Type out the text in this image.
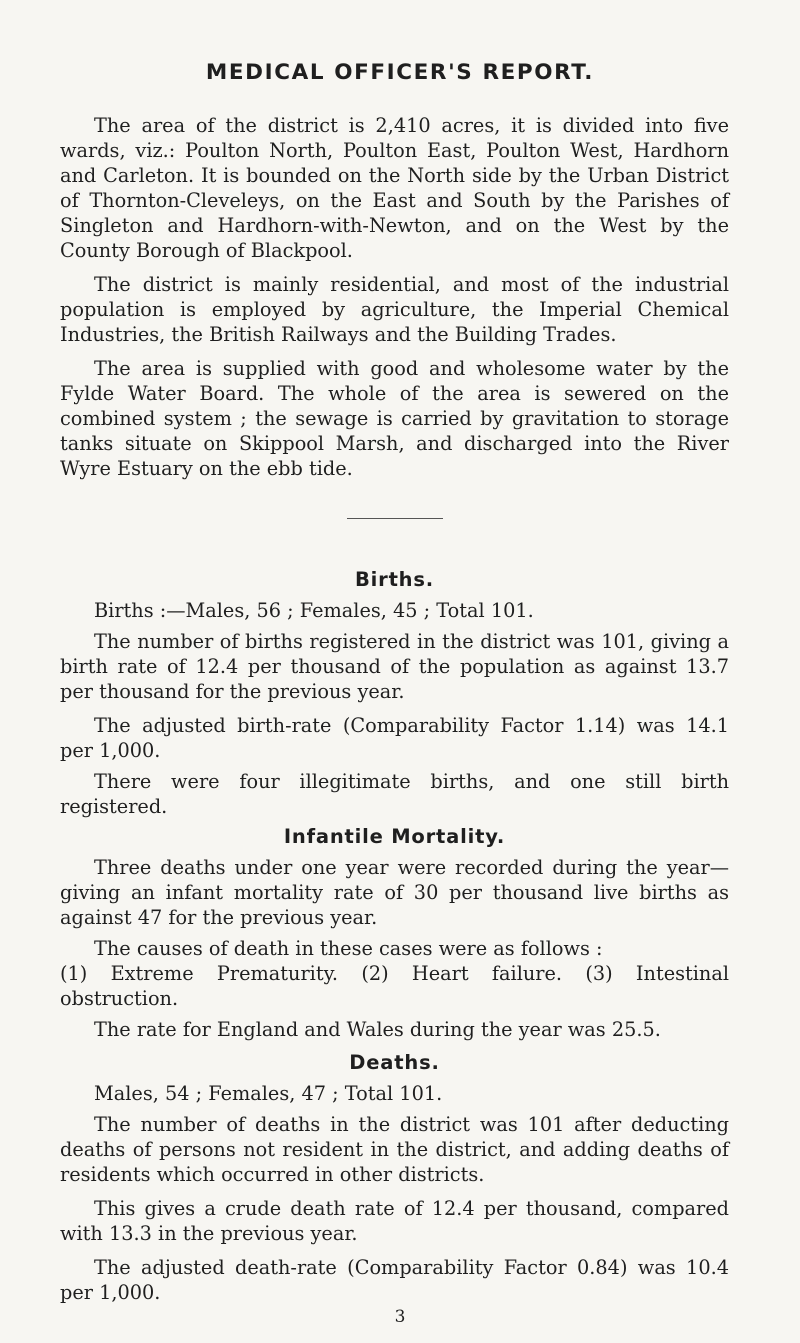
MEDICAL OFFICER'S REPORT.

The area of the district is 2,410 acres, it is divided into five wards, viz.: Poulton North, Poulton East, Poulton West, Hardhorn and Carleton. It is bounded on the North side by the Urban District of Thornton-Cleveleys, on the East and South by the Parishes of Singleton and Hardhorn-with-Newton, and on the West by the County Borough of Blackpool.

The district is mainly residential, and most of the industrial population is employed by agriculture, the Imperial Chemical Industries, the British Railways and the Building Trades.

The area is supplied with good and wholesome water by the Fylde Water Board. The whole of the area is sewered on the combined system ; the sewage is carried by gravitation to storage tanks situate on Skippool Marsh, and discharged into the River Wyre Estuary on the ebb tide.

Births.

Births :—Males, 56 ; Females, 45 ; Total 101.

The number of births registered in the district was 101, giving a birth rate of 12.4 per thousand of the population as against 13.7 per thousand for the previous year.

The adjusted birth-rate (Comparability Factor 1.14) was 14.1 per 1,000.

There were four illegitimate births, and one still birth registered.

Infantile Mortality.

Three deaths under one year were recorded during the year—giving an infant mortality rate of 30 per thousand live births as against 47 for the previous year.

The causes of death in these cases were as follows :

(1) Extreme Prematurity. (2) Heart failure. (3) Intestinal obstruction.

The rate for England and Wales during the year was 25.5.

Deaths.

Males, 54 ; Females, 47 ; Total 101.

The number of deaths in the district was 101 after deducting deaths of persons not resident in the district, and adding deaths of residents which occurred in other districts.

This gives a crude death rate of 12.4 per thousand, compared with 13.3 in the previous year.

The adjusted death-rate (Comparability Factor 0.84) was 10.4 per 1,000.

3
